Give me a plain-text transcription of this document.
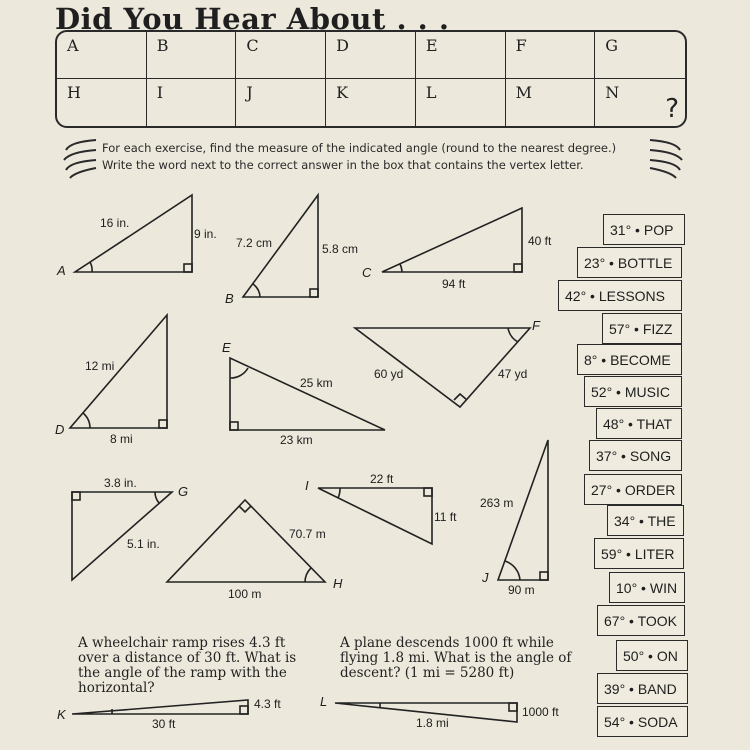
Did You Hear About . . .
A	B	C	D	E	F	G
H	I	J	K	L	M	N
?

For each exercise, find the measure of the indicated angle (round to the nearest degree.)

Write the word next to the correct answer in the box that contains the vertex letter.

A
16 in.
9 in.
B
7.2 cm	5.8 cm
C
40 ft
94 ft
D
12 mi
8 mi
E
25 km
23 km
F
60 yd	47 yd
G
3.8 in.
5.1 in.
H
100 m
70.7 m
I	22 ft
11 ft
J
263 m
90 m
K
4.3 ft
30 ft
L
1000 ft
1.8 mi
A wheelchair ramp rises 4.3 ft over a distance of 30 ft. What is the angle of the ramp with the horizontal?
A plane descends 1000 ft while flying 1.8 mi. What is the angle of descent? (1 mi = 5280 ft)
31° • POP
23° • BOTTLE
42° • LESSONS
57° • FIZZ
8° • BECOME
52° • MUSIC
48° • THAT
37° • SONG
27° • ORDER
34° • THE
59° • LITER
10° • WIN
67° • TOOK
50° • ON
39° • BAND
54° • SODA
